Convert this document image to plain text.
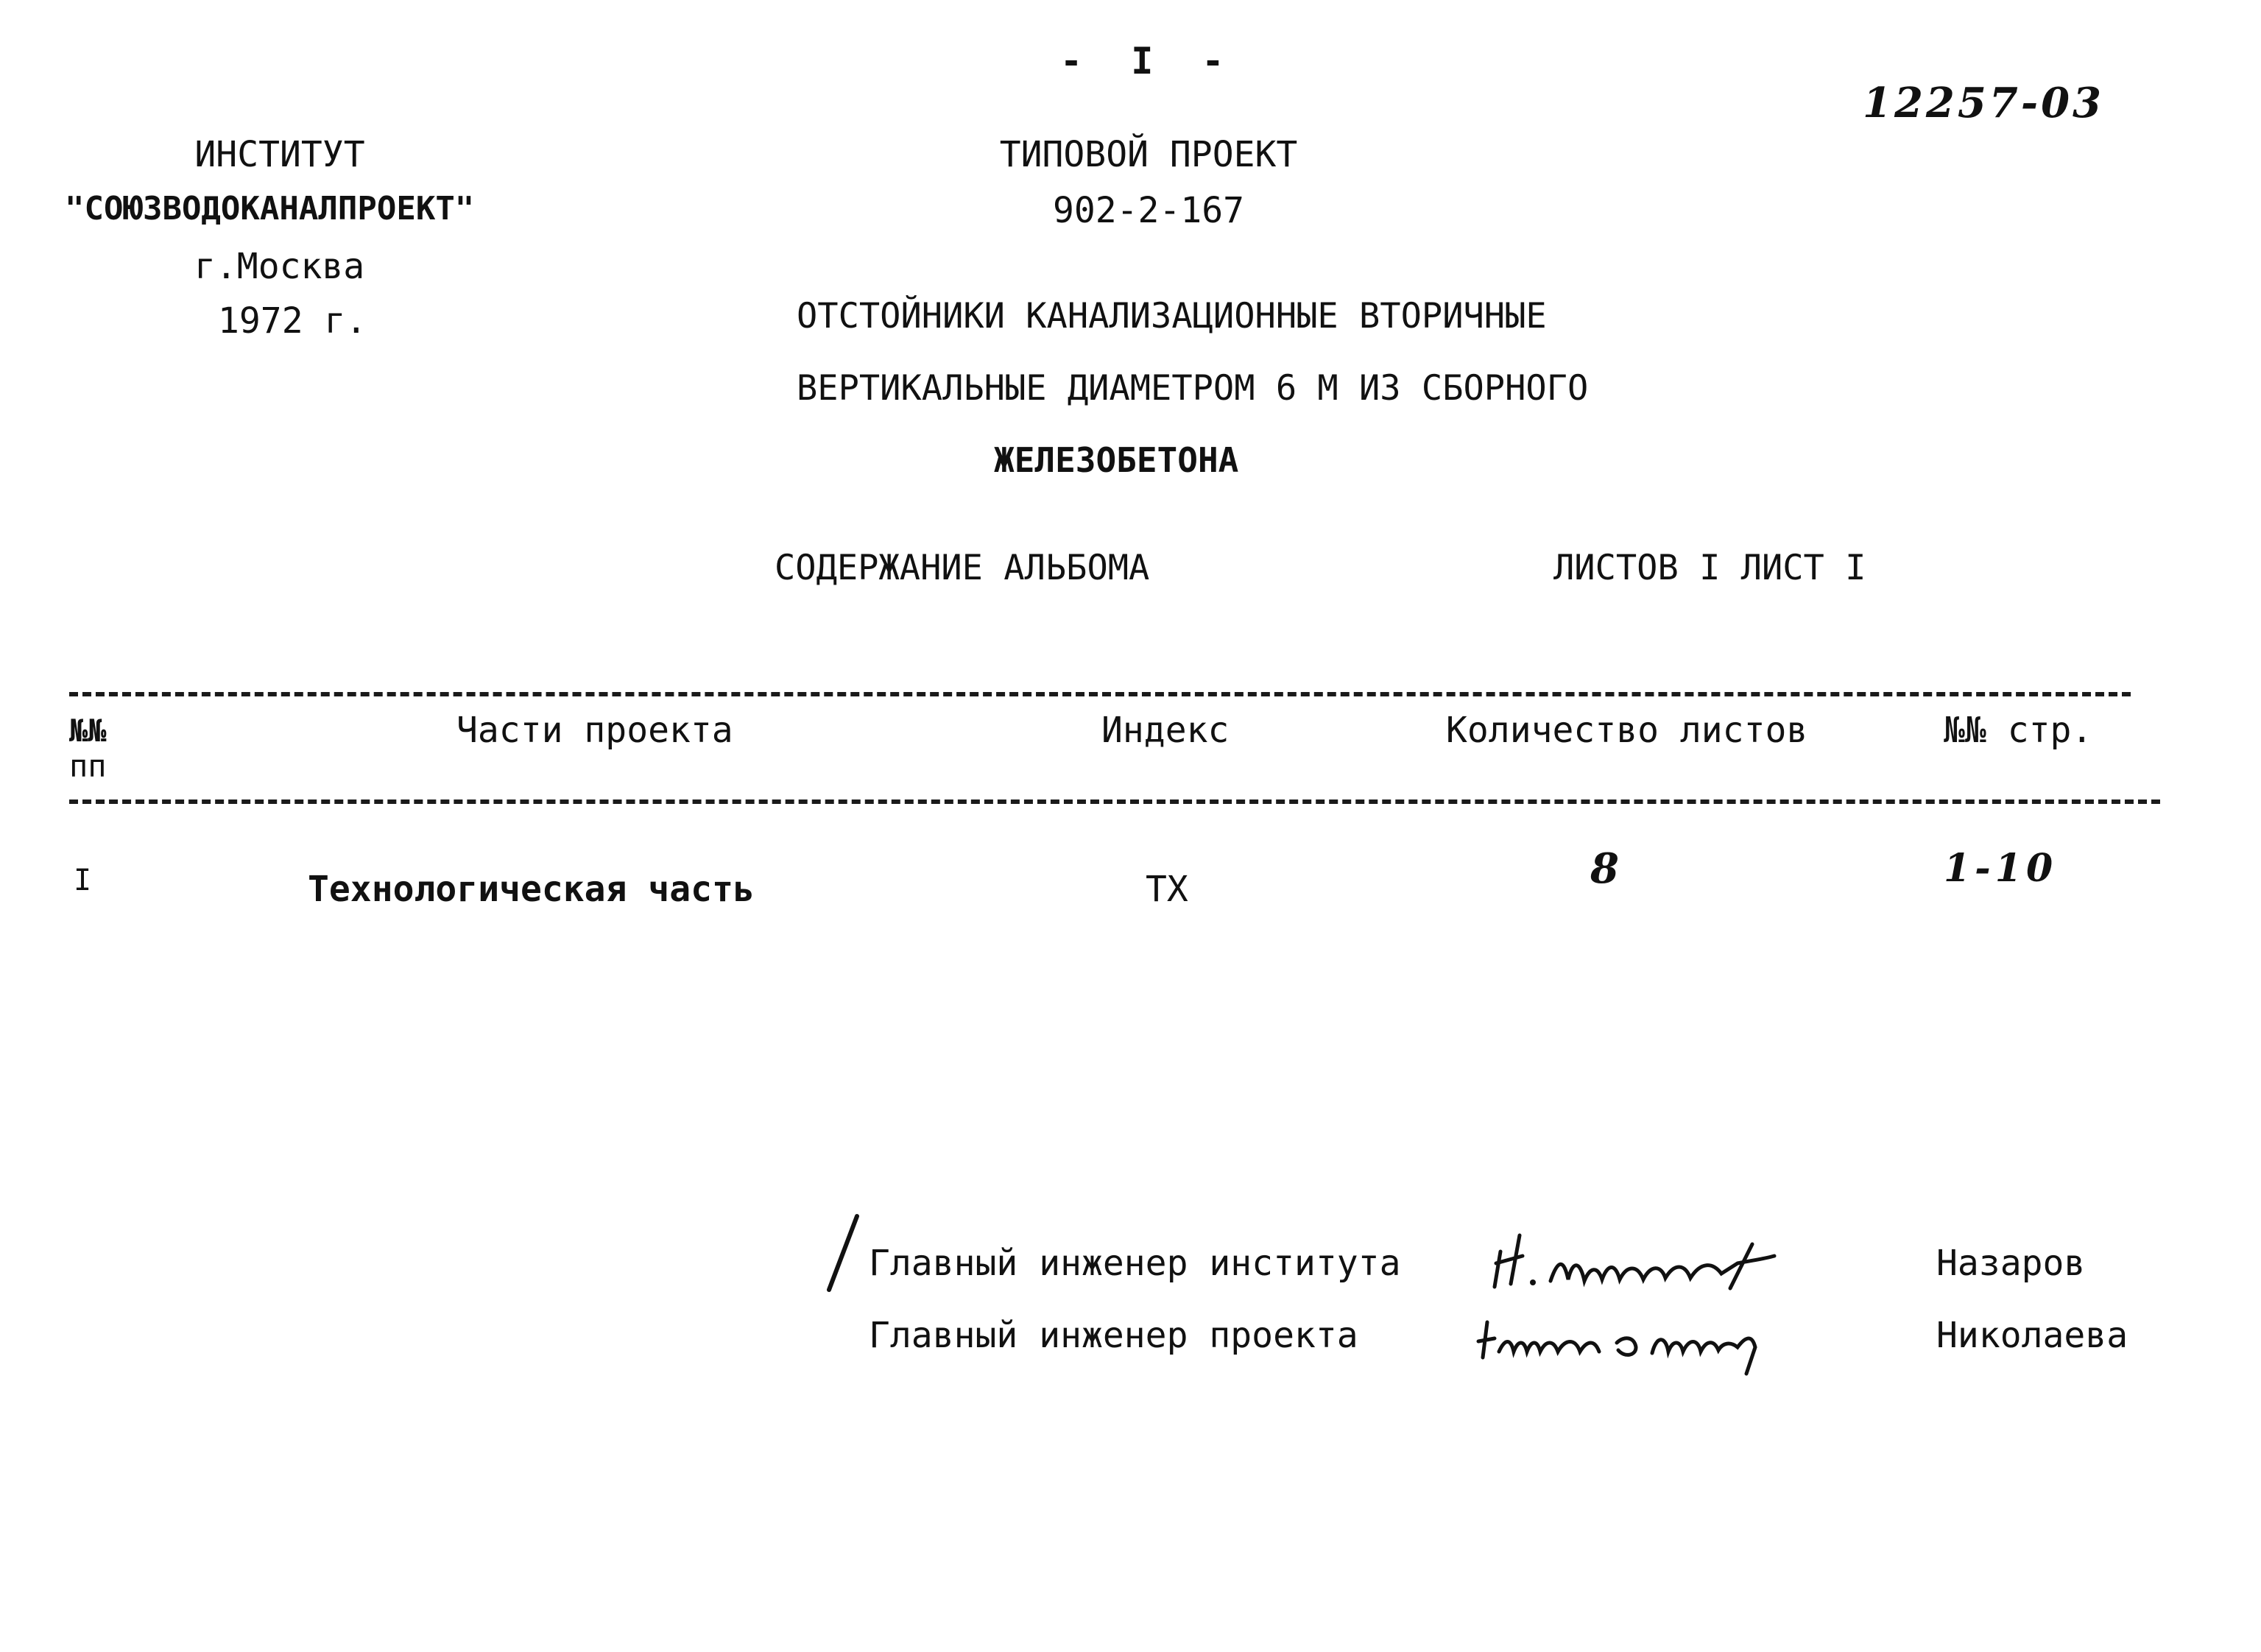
- I -
12257-03
ИНСТИТУТ
"СОЮЗВОДОКАНАЛПРОЕКТ"
г.Москва
1972 г.
ТИПОВОЙ ПРОЕКТ
902-2-167
ОТСТОЙНИКИ КАНАЛИЗАЦИОННЫЕ ВТОРИЧНЫЕ
ВЕРТИКАЛЬНЫЕ ДИАМЕТРОМ 6 М ИЗ СБОРНОГО
ЖЕЛЕЗОБЕТОНА
СОДЕРЖАНИЕ АЛЬБОМА	ЛИСТОВ I ЛИСТ I
№№
пп
Части проекта	Индекс	Количество листов	№№ стр.
I	Технологическая часть	ТХ	8	1-10
Главный инженер института	Назаров
Главный инженер проекта	Николаева
